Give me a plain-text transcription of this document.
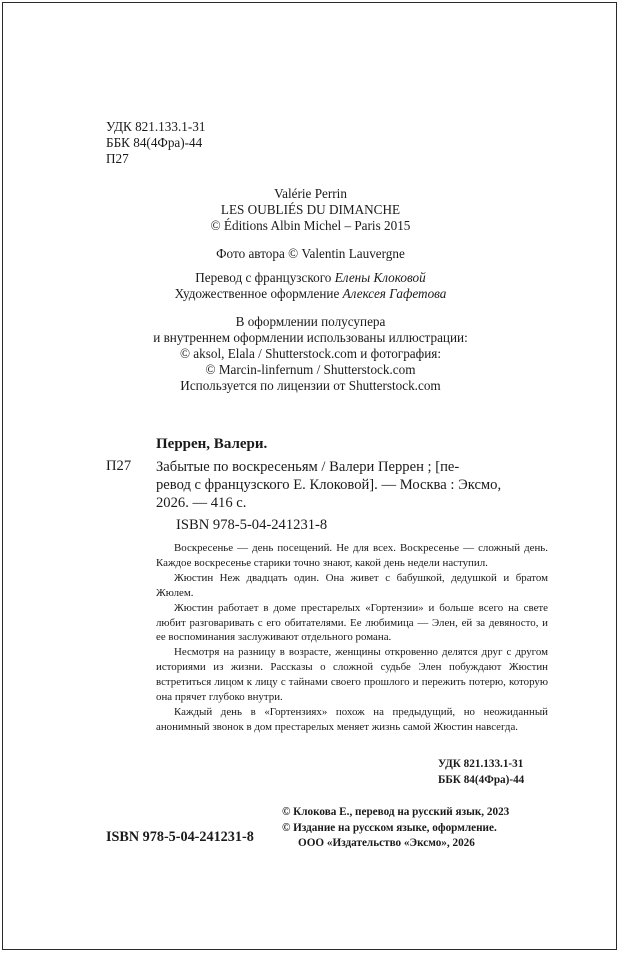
УДК 821.133.1-31
ББК 84(4Фра)-44
П27
Valérie Perrin
LES OUBLIÉS DU DIMANCHE
© Éditions Albin Michel – Paris 2015
Фото автора © Valentin Lauvergne
Перевод с французского Елены Клоковой
Художественное оформление Алексея Гафетова
В оформлении полусупера
и внутреннем оформлении использованы иллюстрации:
© aksol, Elala / Shutterstock.com и фотография:
© Marcin-linfernum / Shutterstock.com
Используется по лицензии от Shutterstock.com
Перрен, Валери.
П27 Забытые по воскресеньям / Валери Перрен ; [пе-
ревод с французского Е. Клоковой]. — Москва : Эксмо,
2026. — 416 с.
ISBN 978-5-04-241231-8

Воскресенье — день посещений. Не для всех. Воскресенье — сложный день. Каждое воскресенье старики точно знают, какой день недели наступил.

Жюстин Неж двадцать один. Она живет с бабушкой, дедушкой и братом Жюлем.

Жюстин работает в доме престарелых «Гортензии» и больше всего на свете любит разговаривать с его обитателями. Ее любимица — Элен, ей за девяносто, и ее воспоминания заслуживают отдельного романа.

Несмотря на разницу в возрасте, женщины откровенно делятся друг с другом историями из жизни. Рассказы о сложной судьбе Элен побуждают Жюстин встретиться лицом к лицу с тайнами своего прошлого и пережить потерю, которую она прячет глубоко внутри.

Каждый день в «Гортензиях» похож на предыдущий, но неожиданный анонимный звонок в дом престарелых меняет жизнь самой Жюстин навсегда.

УДК 821.133.1-31
ББК 84(4Фра)-44
ISBN 978-5-04-241231-8
© Клокова Е., перевод на русский язык, 2023
© Издание на русском языке, оформление.
ООО «Издательство «Эксмо», 2026
